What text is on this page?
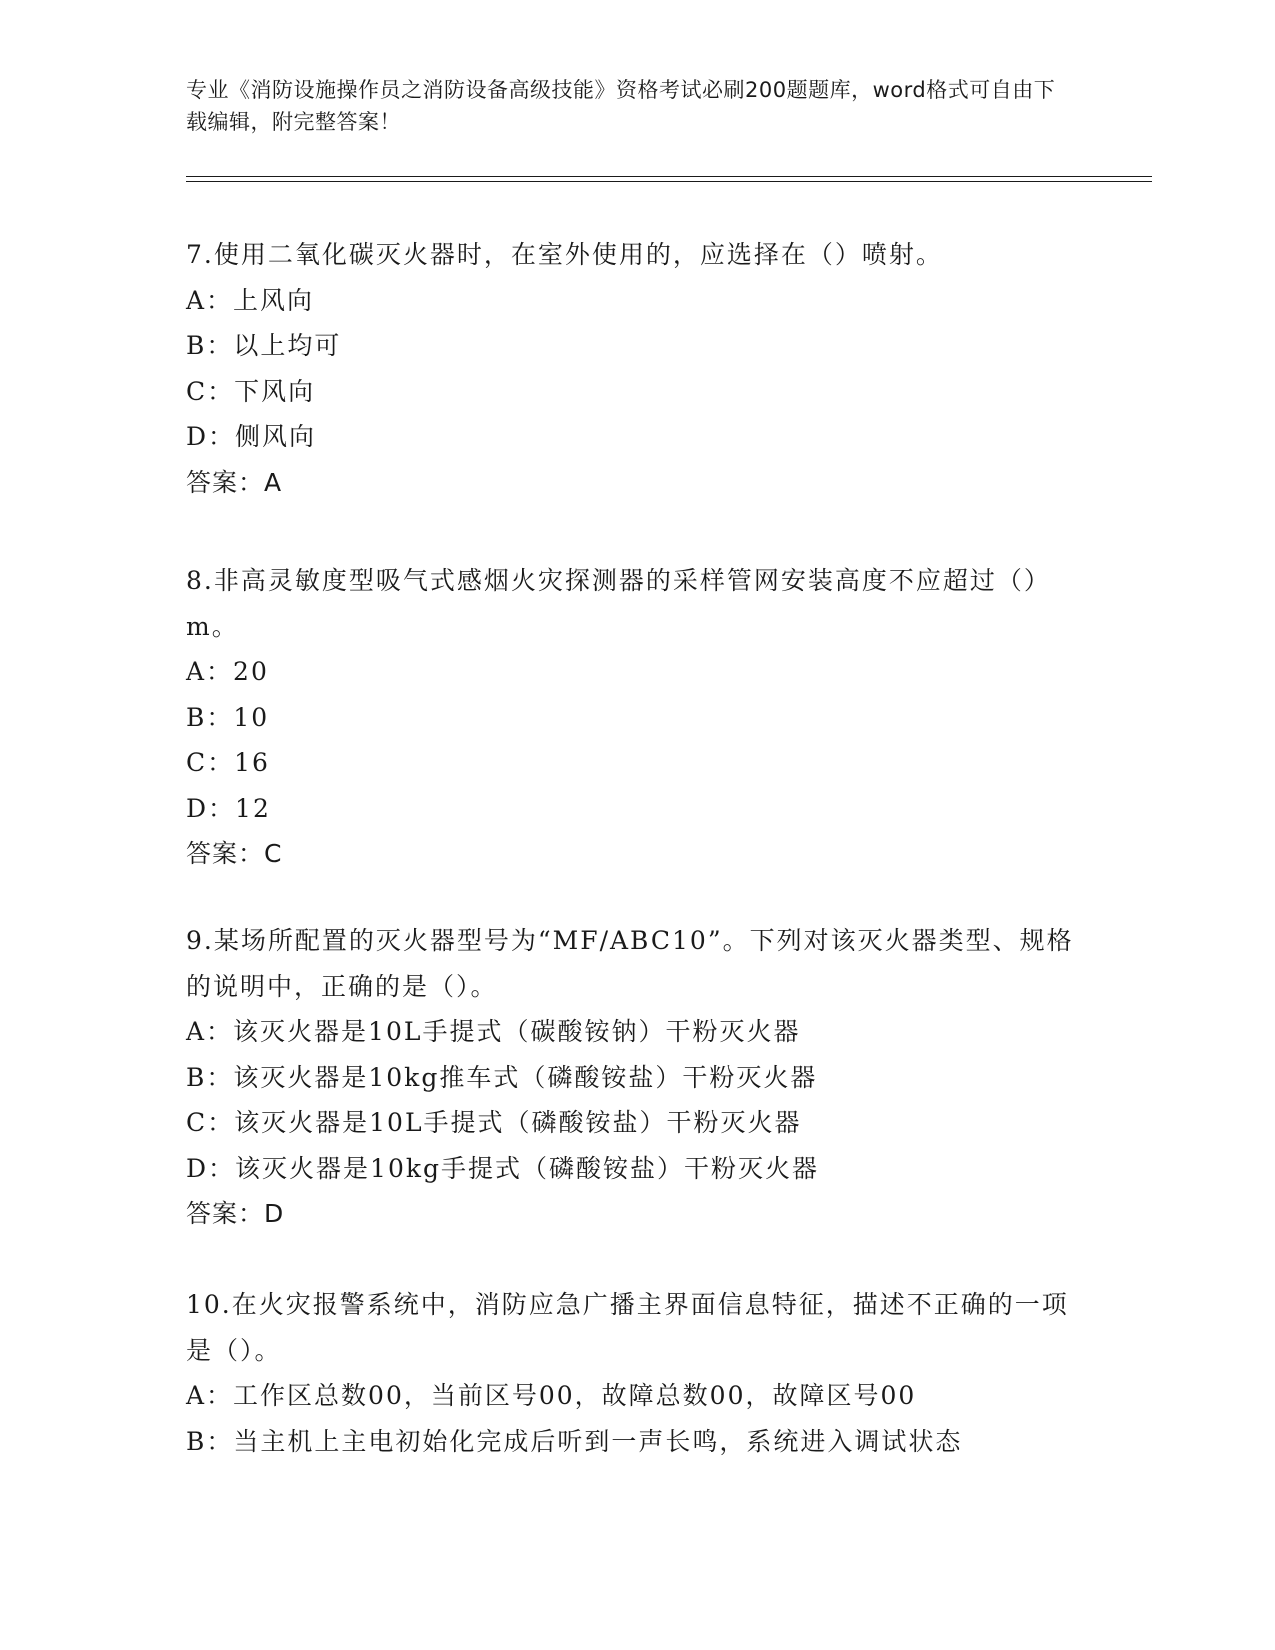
专业《消防设施操作员之消防设备高级技能》资格考试必刷200题题库，word格式可自由下载编辑，附完整答案！
7.使用二氧化碳灭火器时，在室外使用的，应选择在（）喷射。
A：上风向
B：以上均可
C：下风向
D：侧风向
答案：A
8.非高灵敏度型吸气式感烟火灾探测器的采样管网安装高度不应超过（）m。
A：20
B：10
C：16
D：12
答案：C
9.某场所配置的灭火器型号为“MF/ABC10”。下列对该灭火器类型、规格的说明中，正确的是（）。
A：该灭火器是10L手提式（碳酸铵钠）干粉灭火器
B：该灭火器是10kg推车式（磷酸铵盐）干粉灭火器
C：该灭火器是10L手提式（磷酸铵盐）干粉灭火器
D：该灭火器是10kg手提式（磷酸铵盐）干粉灭火器
答案：D
10.在火灾报警系统中，消防应急广播主界面信息特征，描述不正确的一项是（）。
A：工作区总数00，当前区号00，故障总数00，故障区号00
B：当主机上主电初始化完成后听到一声长鸣，系统进入调试状态
